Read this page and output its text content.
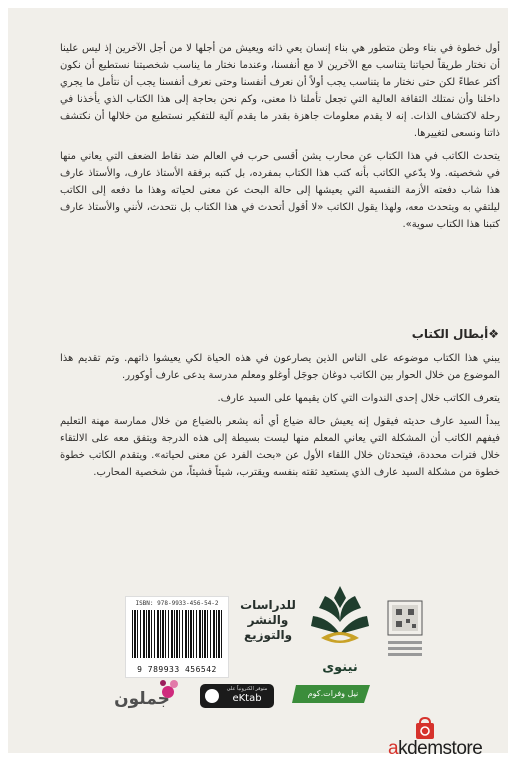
أول خطوة في بناء وطن متطور هي بناء إنسان يعي ذاته ويعيش من أجلها لا من أجل الآخرين إذ ليس علينا أن نختار طريقاً لحياتنا يتناسب مع الآخرين لا مع أنفسنا، وعندما نختار ما يناسب شخصيتنا نستطيع أن نكون أكثر عطاءً لكن حتى نختار ما يتناسب يجب أولاً أن نعرف أنفسنا وحتى نعرف أنفسنا يجب أن نتأمل ما يجري داخلنا وأن نمتلك الثقافة العالية التي تجعل تأملنا ذا معنى، وكم نحن بحاجة إلى هذا الكتاب الذي يأخذنا في رحلة لاكتشاف الذات. إنه لا يقدم معلومات جاهزة بقدر ما يقدم آلية للتفكير نستطيع من خلالها أن نكتشف ذاتنا ونسعى لتغييرها.

يتحدث الكاتب في هذا الكتاب عن محارب يشن أقسى حرب في العالم ضد نقاط الضعف التي يعاني منها في شخصيته. ولا يدّعي الكاتب بأنه كتب هذا الكتاب بمفرده، بل كتبه برفقة الأستاذ عارف، والأستاذ عارف هذا شاب دفعته الأزمة النفسية التي يعيشها إلى حالة البحث عن معنى لحياته وهذا ما دفعه إلى الكاتب ليلتقي به ويتحدث معه، ولهذا يقول الكاتب «لا أقول أتحدث في هذا الكتاب بل نتحدث، لأنني والأستاذ عارف كتبنا هذا الكتاب سوية».

❖أبطال الكتاب

يبني هذا الكتاب موضوعه على الناس الذين يصارعون في هذه الحياة لكي يعيشوا ذاتهم. وتم تقديم هذا الموضوع من خلال الحوار بين الكاتب دوغان جوجَل أوغلو ومعلم مدرسة يدعى عارف أوكورر.

يتعرف الكاتب خلال إحدى الندوات التي كان يقيمها على السيد عارف.

يبدأ السيد عارف حديثه فيقول إنه يعيش حالة ضياع أي أنه يشعر بالضياع من خلال ممارسة مهنة التعليم فيفهم الكاتب أن المشكلة التي يعاني المعلم منها ليست بسيطة إلى هذه الدرجة ويتفق معه على الالتقاء خلال فترات محددة، فيتحدثان خلال اللقاء الأول عن «بحث الفرد عن معنى لحياته». ويتقدم الكاتب خطوة خطوة من مشكلة السيد عارف الذي يستعيد ثقته بنفسه ويقترب، شيئاً فشيئاً، من شخصية المحارب.

ISBN: 978-9933-456-54-2
9 789933 456542
للدراسات
والنشر
والتوزيع
نينوى
جملون	متوفر الكترونياً على
eKtab	نيل وفرات.كوم
akdemstore
